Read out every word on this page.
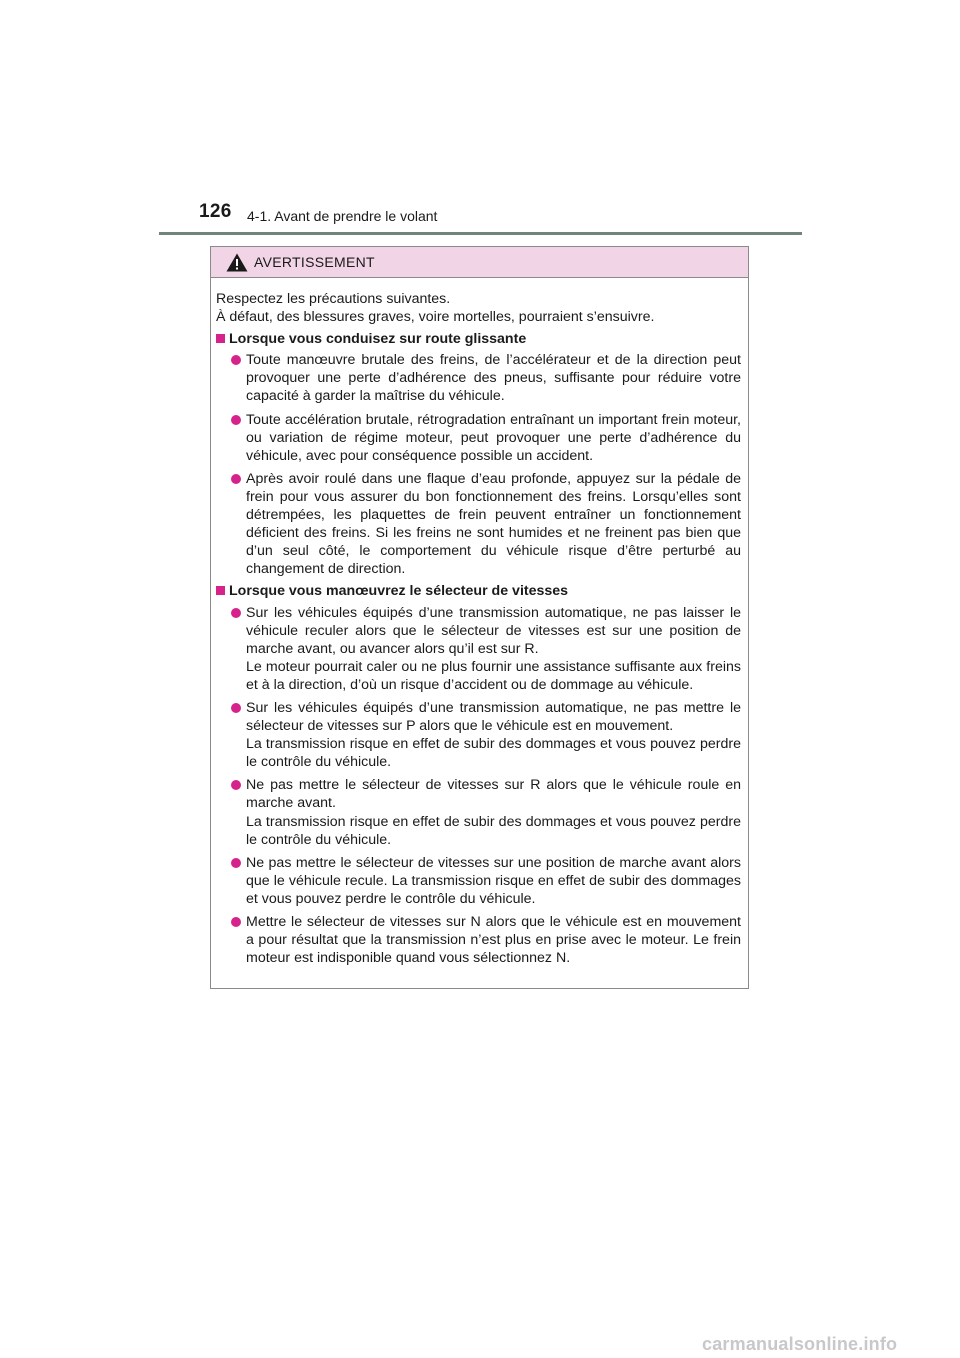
126 4-1. Avant de prendre le volant
AVERTISSEMENT

Respectez les précautions suivantes.

À défaut, des blessures graves, voire mortelles, pourraient s’ensuivre.

Lorsque vous conduisez sur route glissante

Toute manœuvre brutale des freins, de l’accélérateur et de la direction peut provoquer une perte d’adhérence des pneus, suffisante pour réduire votre capacité à garder la maîtrise du véhicule.

Toute accélération brutale, rétrogradation entraînant un important frein moteur, ou variation de régime moteur, peut provoquer une perte d’adhérence du véhicule, avec pour conséquence possible un accident.

Après avoir roulé dans une flaque d’eau profonde, appuyez sur la pédale de frein pour vous assurer du bon fonctionnement des freins. Lorsqu’elles sont détrempées, les plaquettes de frein peuvent entraîner un fonctionnement déficient des freins. Si les freins ne sont humides et ne freinent pas bien que d’un seul côté, le comportement du véhicule risque d’être perturbé au changement de direction.

Lorsque vous manœuvrez le sélecteur de vitesses

Sur les véhicules équipés d’une transmission automatique, ne pas laisser le véhicule reculer alors que le sélecteur de vitesses est sur une position de marche avant, ou avancer alors qu’il est sur R.

Le moteur pourrait caler ou ne plus fournir une assistance suffisante aux freins et à la direction, d’où un risque d’accident ou de dommage au véhicule.

Sur les véhicules équipés d’une transmission automatique, ne pas mettre le sélecteur de vitesses sur P alors que le véhicule est en mouvement.

La transmission risque en effet de subir des dommages et vous pouvez perdre le contrôle du véhicule.

Ne pas mettre le sélecteur de vitesses sur R alors que le véhicule roule en marche avant.

La transmission risque en effet de subir des dommages et vous pouvez perdre le contrôle du véhicule.

Ne pas mettre le sélecteur de vitesses sur une position de marche avant alors que le véhicule recule. La transmission risque en effet de subir des dommages et vous pouvez perdre le contrôle du véhicule.

Mettre le sélecteur de vitesses sur N alors que le véhicule est en mouvement a pour résultat que la transmission n’est plus en prise avec le moteur. Le frein moteur est indisponible quand vous sélectionnez N.

carmanualsonline.info
